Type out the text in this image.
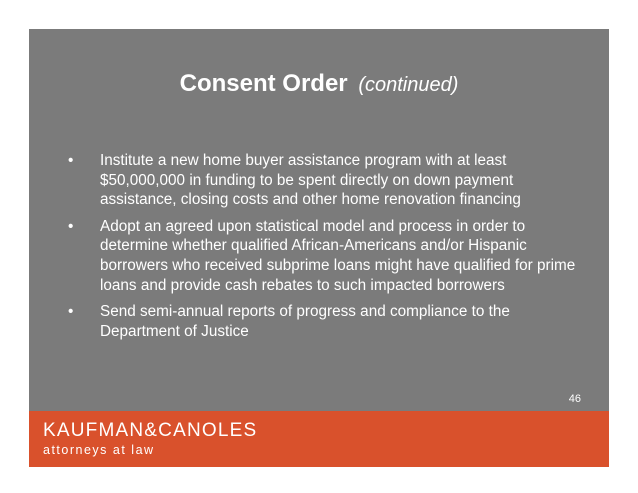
Consent Order (continued)
• Institute a new home buyer assistance program with at least $50,000,000 in funding to be spent directly on down payment assistance, closing costs and other home renovation financing
• Adopt an agreed upon statistical model and process in order to determine whether qualified African-Americans and/or Hispanic borrowers who received subprime loans might have qualified for prime loans and provide cash rebates to such impacted borrowers
• Send semi-annual reports of progress and compliance to the Department of Justice
46
KAUFMAN&CANOLES
attorneys at law
